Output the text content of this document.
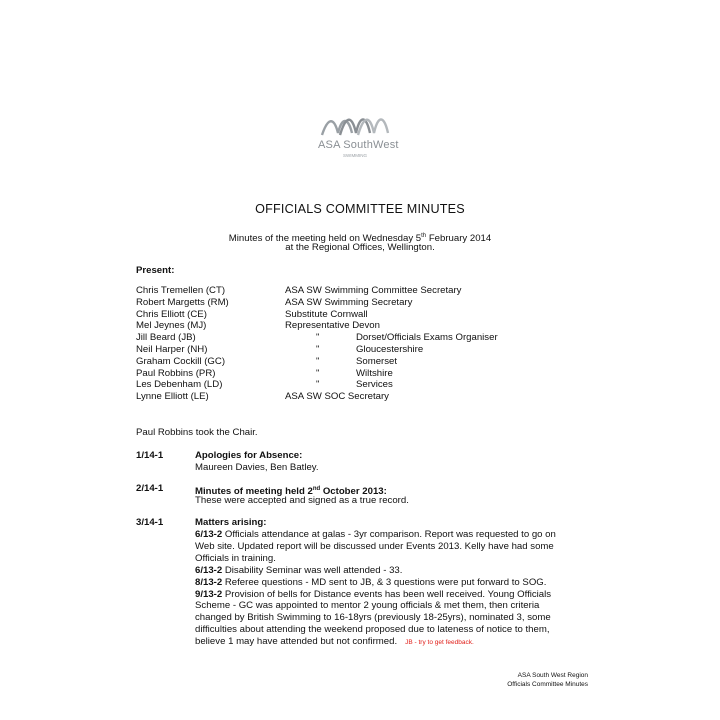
ASA SouthWest
SWIMMING
OFFICIALS COMMITTEE MINUTES
Minutes of the meeting held on Wednesday 5th February 2014
at the Regional Offices, Wellington.
Present:
Chris Tremellen (CT)	ASA SW Swimming Committee Secretary
Robert Margetts (RM)	ASA SW Swimming Secretary
Chris Elliott (CE)	Substitute Cornwall
Mel Jeynes (MJ)	Representative Devon
Jill Beard (JB)	"	Dorset/Officials Exams Organiser
Neil Harper (NH)	"	Gloucestershire
Graham Cockill (GC)	"	Somerset
Paul Robbins (PR)	"	Wiltshire
Les Debenham (LD)	"	Services
Lynne Elliott (LE)	ASA SW SOC Secretary
Paul Robbins took the Chair.
1/14-1	Apologies for Absence:
Maureen Davies, Ben Batley.
2/14-1	Minutes of meeting held 2nd October 2013:
These were accepted and signed as a true record.
3/14-1	Matters arising:
6/13-2 Officials attendance at galas - 3yr comparison. Report was requested to go on
Web site. Updated report will be discussed under Events 2013. Kelly have had some
Officials in training.
6/13-2 Disability Seminar was well attended - 33.
8/13-2 Referee questions - MD sent to JB, & 3 questions were put forward to SOG.
9/13-2 Provision of bells for Distance events has been well received. Young Officials
Scheme - GC was appointed to mentor 2 young officials & met them, then criteria
changed by British Swimming to 16-18yrs (previously 18-25yrs), nominated 3, some
difficulties about attending the weekend proposed due to lateness of notice to them,
believe 1 may have attended but not confirmed. JB - try to get feedback.
ASA South West Region
Officials Committee Minutes
